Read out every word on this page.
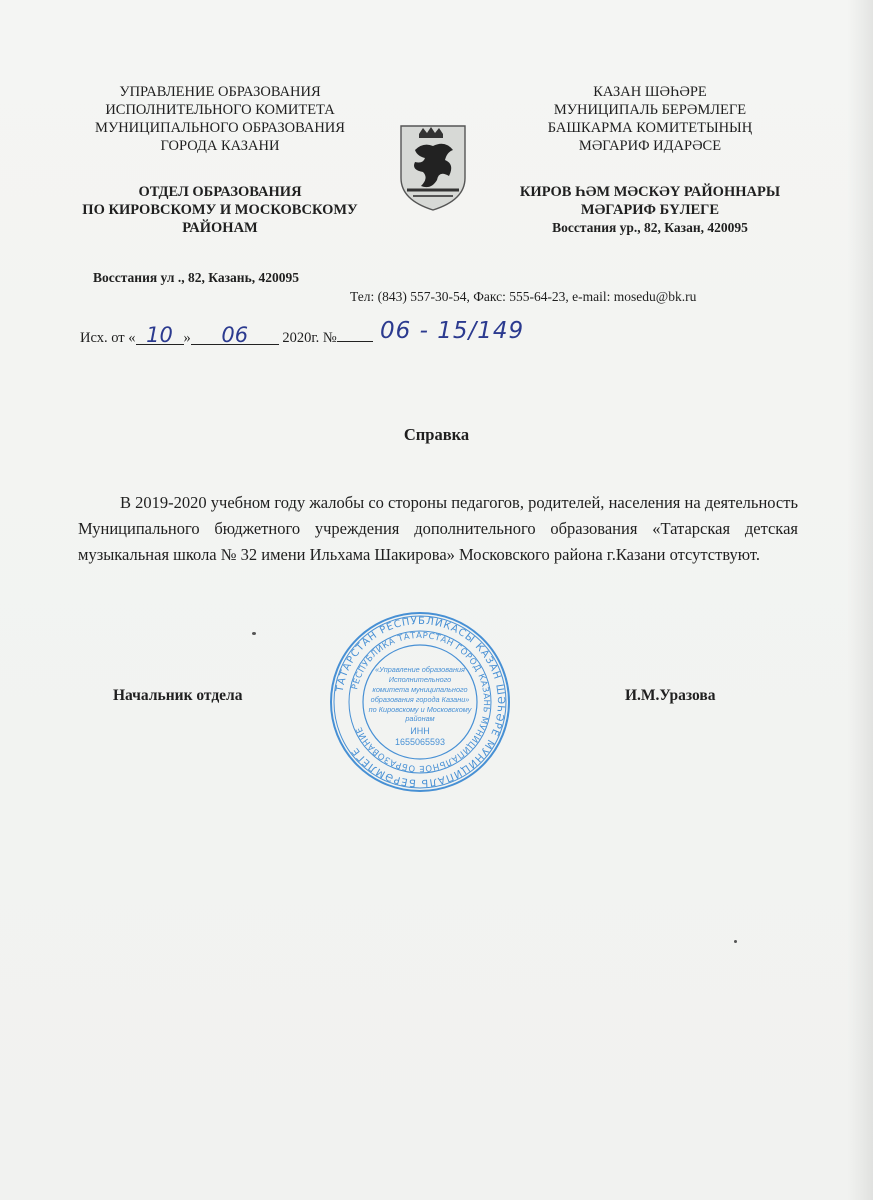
УПРАВЛЕНИЕ ОБРАЗОВАНИЯ
ИСПОЛНИТЕЛЬНОГО КОМИТЕТА
МУНИЦИПАЛЬНОГО ОБРАЗОВАНИЯ
ГОРОДА КАЗАНИ
ОТДЕЛ ОБРАЗОВАНИЯ
ПО КИРОВСКОМУ И МОСКОВСКОМУ
РАЙОНАМ
КАЗАН ШӘҺӘРЕ
МУНИЦИПАЛЬ БЕРӘМЛЕГЕ
БАШКАРМА КОМИТЕТЫНЫҢ
МӘГАРИФ ИДАРӘСЕ
КИРОВ ҺӘМ МӘСКӘҮ РАЙОННАРЫ
МӘГАРИФ БҮЛЕГЕ
Восстания ур., 82, Казан, 420095
Восстания ул ., 82, Казань, 420095
Тел: (843) 557-30-54, Факс: 555-64-23, e-mail: mosedu@bk.ru
Исх. от « 10 » 06 2020г. № 06 - 15/149
Справка
В 2019-2020 учебном году жалобы со стороны педагогов, родителей, населения на деятельность Муниципального бюджетного учреждения дополнительного образования «Татарская детская музыкальная школа № 32 имени Ильхама Шакирова» Московского района г.Казани отсутствуют.
Начальник отдела	И.М.Уразова
ТАТАРСТАН РЕСПУБЛИКАСЫ КАЗАН ШӘҺӘРЕ МУНИЦИПАЛЬ БЕРӘМЛЕГЕ
РЕСПУБЛИКА ТАТАРСТАН ГОРОД КАЗАНЬ МУНИЦИПАЛЬНОЕ ОБРАЗОВАНИЕ
«Управление образования
Исполнительного
комитета муниципального
образования города Казани»
по Кировскому и Московскому
районам
ИНН
1655065593
